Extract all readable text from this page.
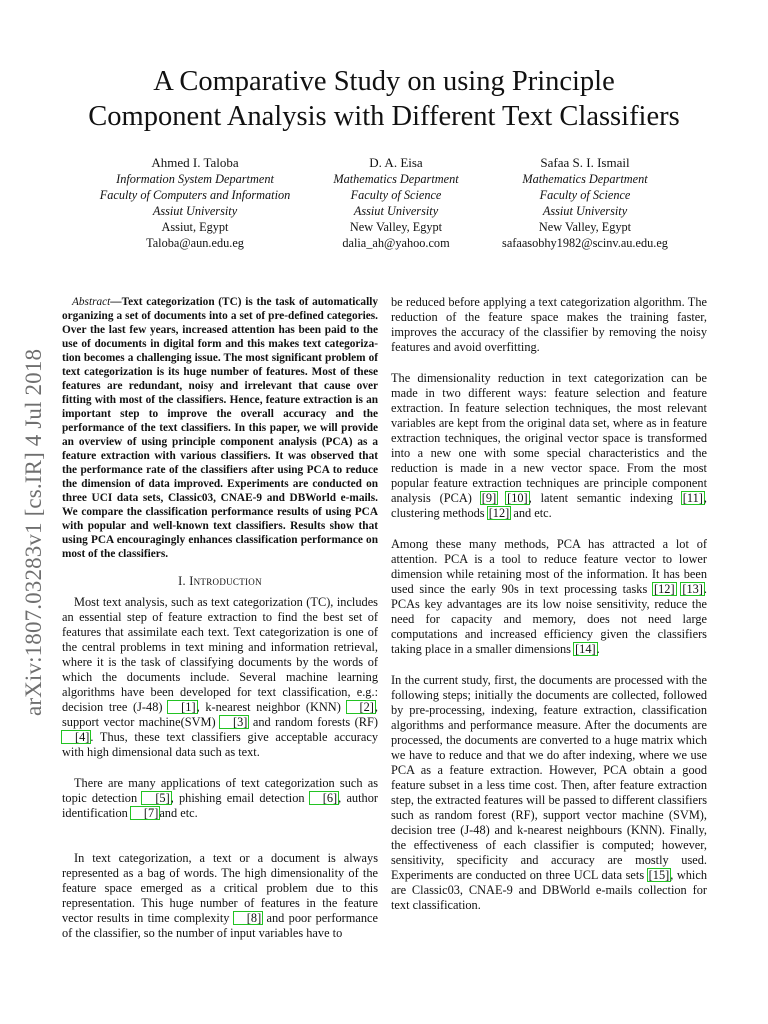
A Comparative Study on using Principle
Component Analysis with Different Text Classifiers
Ahmed I. Taloba
Information System Department
Faculty of Computers and Information
Assiut University
Assiut, Egypt
Taloba@aun.edu.eg
D. A. Eisa
Mathematics Department
Faculty of Science
Assiut University
New Valley, Egypt
dalia_ah@yahoo.com
Safaa S. I. Ismail
Mathematics Department
Faculty of Science
Assiut University
New Valley, Egypt
safaasobhy1982@scinv.au.edu.eg
arXiv:1807.03283v1 [cs.IR] 4 Jul 2018

Abstract—Text categorization (TC) is the task of automatically organizing a set of documents into a set of pre-defined categories. Over the last few years, increased attention has been paid to the use of documents in digital form and this makes text categorization becomes a challenging issue. The most significant problem of text categorization is its huge number of features. Most of these features are redundant, noisy and irrelevant that cause over fitting with most of the classifiers. Hence, feature extraction is an important step to improve the overall accuracy and the performance of the text classifiers. In this paper, we will provide an overview of using principle component analysis (PCA) as a feature extraction with various classifiers. It was observed that the performance rate of the classifiers after using PCA to reduce the dimension of data improved. Experiments are conducted on three UCI data sets, Classic03, CNAE-9 and DBWorld e-mails. We compare the classification performance results of using PCA with popular and well-known text classifiers. Results show that using PCA encouragingly enhances classification performance on most of the classifiers.

I. Introduction

Most text analysis, such as text categorization (TC), includes an essential step of feature extraction to find the best set of features that assimilate each text. Text categorization is one of the central problems in text mining and information retrieval, where it is the task of classifying documents by the words of which the documents include. Several machine learning algorithms have been developed for text classification, e.g.: decision tree (J-48) [1], k-nearest neighbor (KNN) [2], support vector machine(SVM) [3] and random forests (RF) [4]. Thus, these text classifiers give acceptable accuracy with high dimensional data such as text.

There are many applications of text categorization such as topic detection [5], phishing email detection [6], author identification [7]and etc.

In text categorization, a text or a document is always represented as a bag of words. The high dimensionality of the feature space emerged as a critical problem due to this representation. This huge number of features in the feature vector results in time complexity [8] and poor performance of the classifier, so the number of input variables have to

be reduced before applying a text categorization algorithm. The reduction of the feature space makes the training faster, improves the accuracy of the classifier by removing the noisy features and avoid overfitting.

The dimensionality reduction in text categorization can be made in two different ways: feature selection and feature extraction. In feature selection techniques, the most relevant variables are kept from the original data set, where as in feature extraction techniques, the original vector space is transformed into a new one with some special characteristics and the reduction is made in a new vector space. From the most popular feature extraction techniques are principle component analysis (PCA) [9] [10], latent semantic indexing [11], clustering methods [12] and etc.

Among these many methods, PCA has attracted a lot of attention. PCA is a tool to reduce feature vector to lower dimension while retaining most of the information. It has been used since the early 90s in text processing tasks [12] [13]. PCAs key advantages are its low noise sensitivity, reduce the need for capacity and memory, does not need large computations and increased efficiency given the classifiers taking place in a smaller dimensions [14].

In the current study, first, the documents are processed with the following steps; initially the documents are collected, followed by pre-processing, indexing, feature extraction, classification algorithms and performance measure. After the documents are processed, the documents are converted to a huge matrix which we have to reduce and that we do after indexing, where we use PCA as a feature extraction. However, PCA obtain a good feature subset in a less time cost. Then, after feature extraction step, the extracted features will be passed to different classifiers such as random forest (RF), support vector machine (SVM), decision tree (J-48) and k-nearest neighbours (KNN). Finally, the effectiveness of each classifier is computed; however, sensitivity, specificity and accuracy are mostly used. Experiments are conducted on three UCL data sets [15], which are Classic03, CNAE-9 and DBWorld e-mails collection for text classification.
